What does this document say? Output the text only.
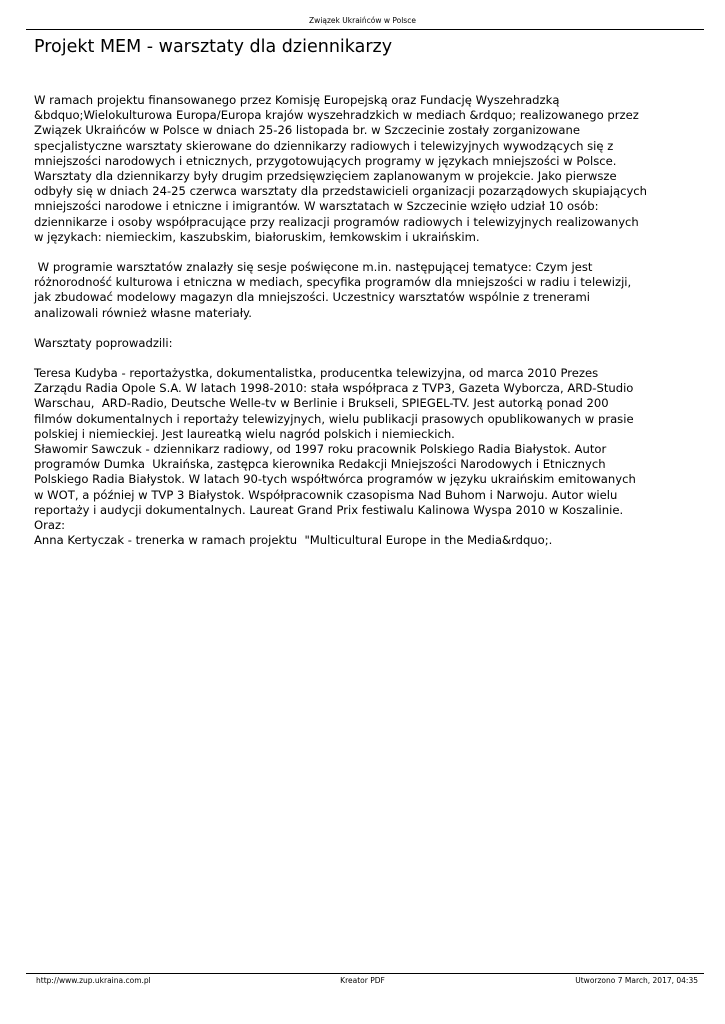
Związek Ukraińców w Polsce
Projekt MEM - warsztaty dla dziennikarzy

W ramach projektu finansowanego przez Komisję Europejską oraz Fundację Wyszehradzką
&bdquo;Wielokulturowa Europa/Europa krajów wyszehradzkich w mediach &rdquo; realizowanego przez
Związek Ukraińców w Polsce w dniach 25-26 listopada br. w Szczecinie zostały zorganizowane
specjalistyczne warsztaty skierowane do dziennikarzy radiowych i telewizyjnych wywodzących się z
mniejszości narodowych i etnicznych, przygotowujących programy w językach mniejszości w Polsce.
Warsztaty dla dziennikarzy były drugim przedsięwzięciem zaplanowanym w projekcie. Jako pierwsze
odbyły się w dniach 24-25 czerwca warsztaty dla przedstawicieli organizacji pozarządowych skupiających
mniejszości narodowe i etniczne i imigrantów. W warsztatach w Szczecinie wzięło udział 10 osób:
dziennikarze i osoby współpracujące przy realizacji programów radiowych i telewizyjnych realizowanych
w językach: niemieckim, kaszubskim, białoruskim, łemkowskim i ukraińskim.

W programie warsztatów znalazły się sesje poświęcone m.in. następującej tematyce: Czym jest
różnorodność kulturowa i etniczna w mediach, specyfika programów dla mniejszości w radiu i telewizji,
jak zbudować modelowy magazyn dla mniejszości. Uczestnicy warsztatów wspólnie z trenerami
analizowali również własne materiały.

Warsztaty poprowadzili:

Teresa Kudyba - reportażystka, dokumentalistka, producentka telewizyjna, od marca 2010 Prezes
Zarządu Radia Opole S.A. W latach 1998-2010: stała współpraca z TVP3, Gazeta Wyborcza, ARD-Studio
Warschau,  ARD-Radio, Deutsche Welle-tv w Berlinie i Brukseli, SPIEGEL-TV. Jest autorką ponad 200
filmów dokumentalnych i reportaży telewizyjnych, wielu publikacji prasowych opublikowanych w prasie
polskiej i niemieckiej. Jest laureatką wielu nagród polskich i niemieckich.
Sławomir Sawczuk - dziennikarz radiowy, od 1997 roku pracownik Polskiego Radia Białystok. Autor
programów Dumka  Ukraińska, zastępca kierownika Redakcji Mniejszości Narodowych i Etnicznych
Polskiego Radia Białystok. W latach 90-tych współtwórca programów w języku ukraińskim emitowanych
w WOT, a później w TVP 3 Białystok. Współpracownik czasopisma Nad Buhom i Narwoju. Autor wielu
reportaży i audycji dokumentalnych. Laureat Grand Prix festiwalu Kalinowa Wyspa 2010 w Koszalinie.
Oraz:
Anna Kertyczak - trenerka w ramach projektu  "Multicultural Europe in the Media&rdquo;.

http://www.zup.ukraina.com.pl	Kreator PDF	Utworzono 7 March, 2017, 04:35
